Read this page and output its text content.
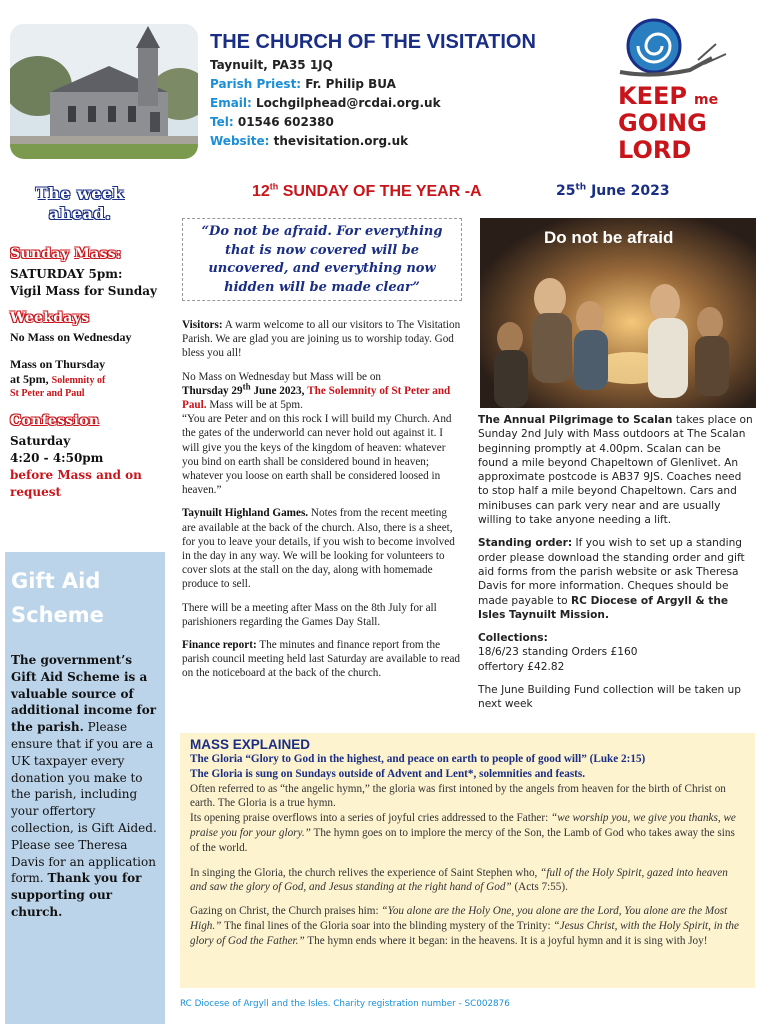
THE CHURCH OF THE VISITATION
Taynuilt, PA35 1JQ
Parish Priest: Fr. Philip BUA
Email: Lochgilphead@rcdai.org.uk
Tel: 01546 602380
Website: thevisitation.org.uk
KEEP me
GOING
LORD
The week ahead.
Sunday Mass:
SATURDAY 5pm:
Vigil Mass for Sunday
Weekdays
No Mass on Wednesday
Mass on Thursday
at 5pm, Solemnity of
St Peter and Paul
Confession
Saturday
4:20 - 4:50pm
before Mass and on request
Gift Aid
Scheme
The government’s Gift Aid Scheme is a valuable source of additional income for the parish. Please ensure that if you are a UK taxpayer every donation you make to the parish, including your offertory collection, is Gift Aided. Please see Theresa Davis for an application form. Thank you for supporting our church.
12th SUNDAY OF THE YEAR -A	25th June 2023
“Do not be afraid. For everything that is now covered will be uncovered, and everything now hidden will be made clear”

Visitors: A warm welcome to all our visitors to The Visitation Parish. We are glad you are joining us to worship today. God bless you all!

No Mass on Wednesday but Mass will be on
Thursday 29th June 2023, The Solemnity of St Peter and Paul. Mass will be at 5pm.
“You are Peter and on this rock I will build my Church. And the gates of the underworld can never hold out against it. I will give you the keys of the kingdom of heaven: whatever you bind on earth shall be considered bound in heaven; whatever you loose on earth shall be considered loosed in heaven.”

Taynuilt Highland Games. Notes from the recent meeting are available at the back of the church. Also, there is a sheet, for you to leave your details, if you wish to become involved in the day in any way. We will be looking for volunteers to cover slots at the stall on the day, along with homemade produce to sell.

There will be a meeting after Mass on the 8th July for all parishioners regarding the Games Day Stall.

Finance report: The minutes and finance report from the parish council meeting held last Saturday are available to read on the noticeboard at the back of the church.

Do not be afraid

The Annual Pilgrimage to Scalan takes place on Sunday 2nd July with Mass outdoors at The Scalan beginning promptly at 4.00pm. Scalan can be found a mile beyond Chapeltown of Glenlivet. An approximate postcode is AB37 9JS. Coaches need to stop half a mile beyond Chapeltown. Cars and minibuses can park very near and are usually willing to take anyone needing a lift.

Standing order: If you wish to set up a standing order please download the standing order and gift aid forms from the parish website or ask Theresa Davis for more information. Cheques should be made payable to RC Diocese of Argyll & the Isles Taynuilt Mission.

Collections:
18/6/23 standing Orders £160
offertory £42.82

The June Building Fund collection will be taken up next week

MASS EXPLAINED

The Gloria “Glory to God in the highest, and peace on earth to people of good will” (Luke 2:15)
The Gloria is sung on Sundays outside of Advent and Lent*, solemnities and feasts.
Often referred to as “the angelic hymn,” the gloria was first intoned by the angels from heaven for the birth of Christ on earth. The Gloria is a true hymn.
Its opening praise overflows into a series of joyful cries addressed to the Father: “we worship you, we give you thanks, we praise you for your glory.” The hymn goes on to implore the mercy of the Son, the Lamb of God who takes away the sins of the world.

In singing the Gloria, the church relives the experience of Saint Stephen who, “full of the Holy Spirit, gazed into heaven and saw the glory of God, and Jesus standing at the right hand of God” (Acts 7:55).

Gazing on Christ, the Church praises him: “You alone are the Holy One, you alone are the Lord, You alone are the Most High.” The final lines of the Gloria soar into the blinding mystery of the Trinity: “Jesus Christ, with the Holy Spirit, in the glory of God the Father.” The hymn ends where it began: in the heavens. It is a joyful hymn and it is sing with Joy!

RC Diocese of Argyll and the Isles. Charity registration number - SC002876
